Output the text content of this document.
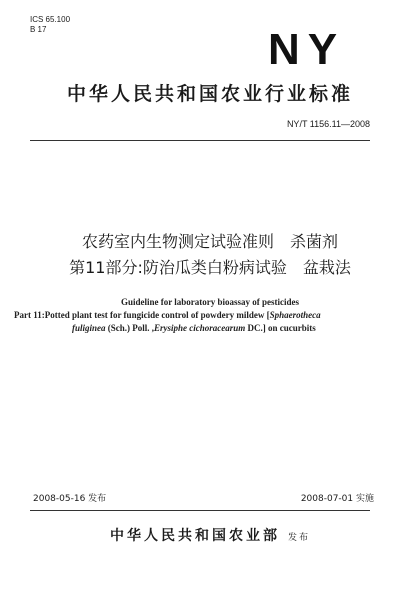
ICS 65.100
B 17	NY
中华人民共和国农业行业标准
NY/T 1156.11—2008
农药室内生物测定试验准则　杀菌剂
第11部分:防治瓜类白粉病试验　盆栽法
Guideline for laboratory bioassay of pesticides
Part 11:Potted plant test for fungicide control of powdery mildew [Sphaerotheca
fuliginea (Sch.) Poll. ,Erysiphe cichoracearum DC.] on cucurbits
2008-05-16 发布	2008-07-01 实施
中华人民共和国农业部 发布
